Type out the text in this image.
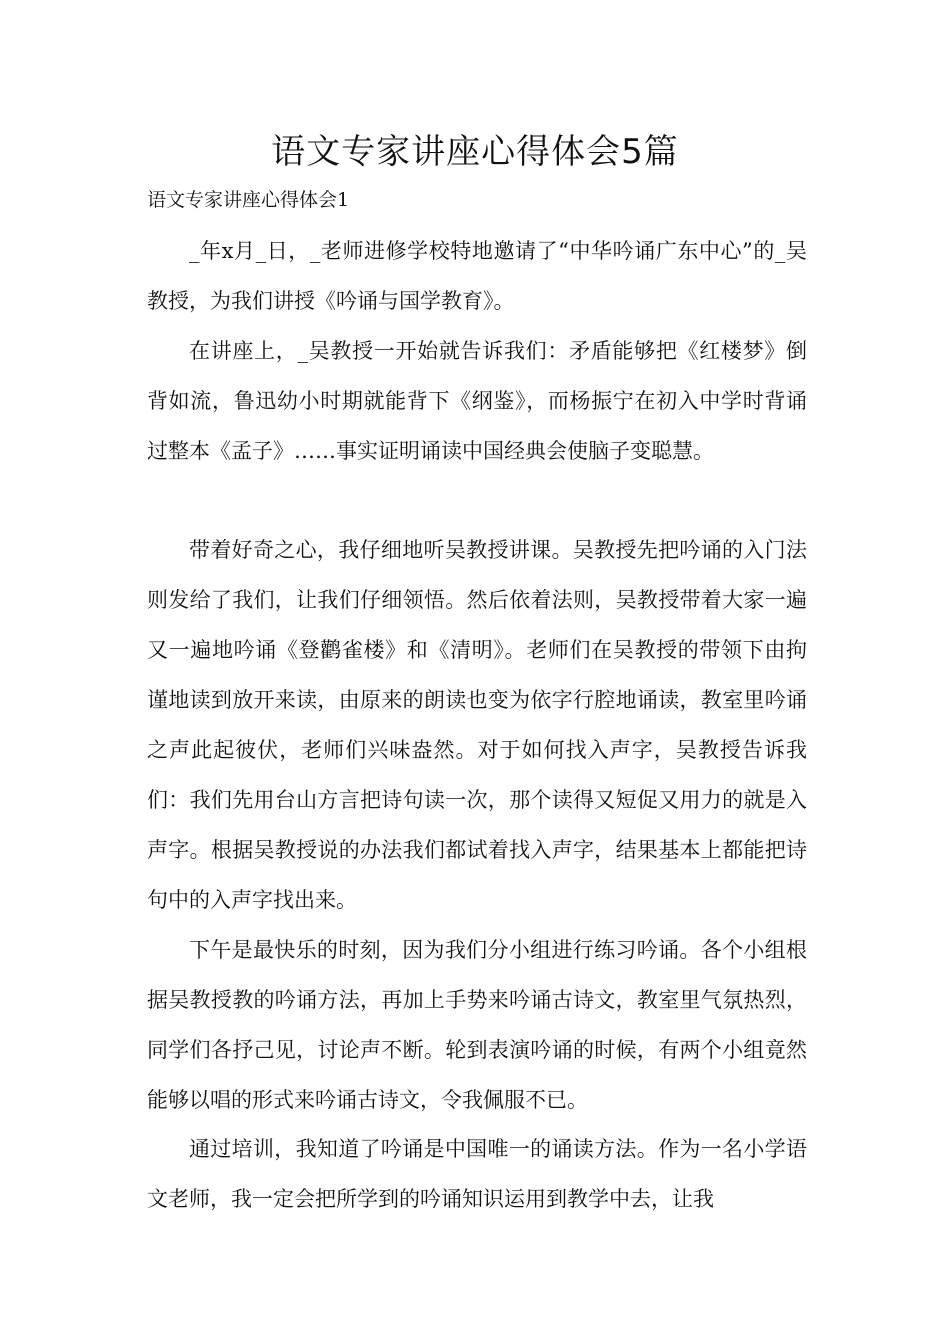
语文专家讲座心得体会5篇

语文专家讲座心得体会1

_年x月_日，_老师进修学校特地邀请了“中华吟诵广东中心”的_吴教授，为我们讲授《吟诵与国学教育》。

在讲座上，_吴教授一开始就告诉我们：矛盾能够把《红楼梦》倒背如流，鲁迅幼小时期就能背下《纲鉴》，而杨振宁在初入中学时背诵过整本《孟子》……事实证明诵读中国经典会使脑子变聪慧。

带着好奇之心，我仔细地听吴教授讲课。吴教授先把吟诵的入门法则发给了我们，让我们仔细领悟。然后依着法则，吴教授带着大家一遍又一遍地吟诵《登鹳雀楼》和《清明》。老师们在吴教授的带领下由拘谨地读到放开来读，由原来的朗读也变为依字行腔地诵读，教室里吟诵之声此起彼伏，老师们兴味盎然。对于如何找入声字，吴教授告诉我们：我们先用台山方言把诗句读一次，那个读得又短促又用力的就是入声字。根据吴教授说的办法我们都试着找入声字，结果基本上都能把诗句中的入声字找出来。

下午是最快乐的时刻，因为我们分小组进行练习吟诵。各个小组根据吴教授教的吟诵方法，再加上手势来吟诵古诗文，教室里气氛热烈，同学们各抒己见，讨论声不断。轮到表演吟诵的时候，有两个小组竟然能够以唱的形式来吟诵古诗文，令我佩服不已。

通过培训，我知道了吟诵是中国唯一的诵读方法。作为一名小学语文老师，我一定会把所学到的吟诵知识运用到教学中去，让我
